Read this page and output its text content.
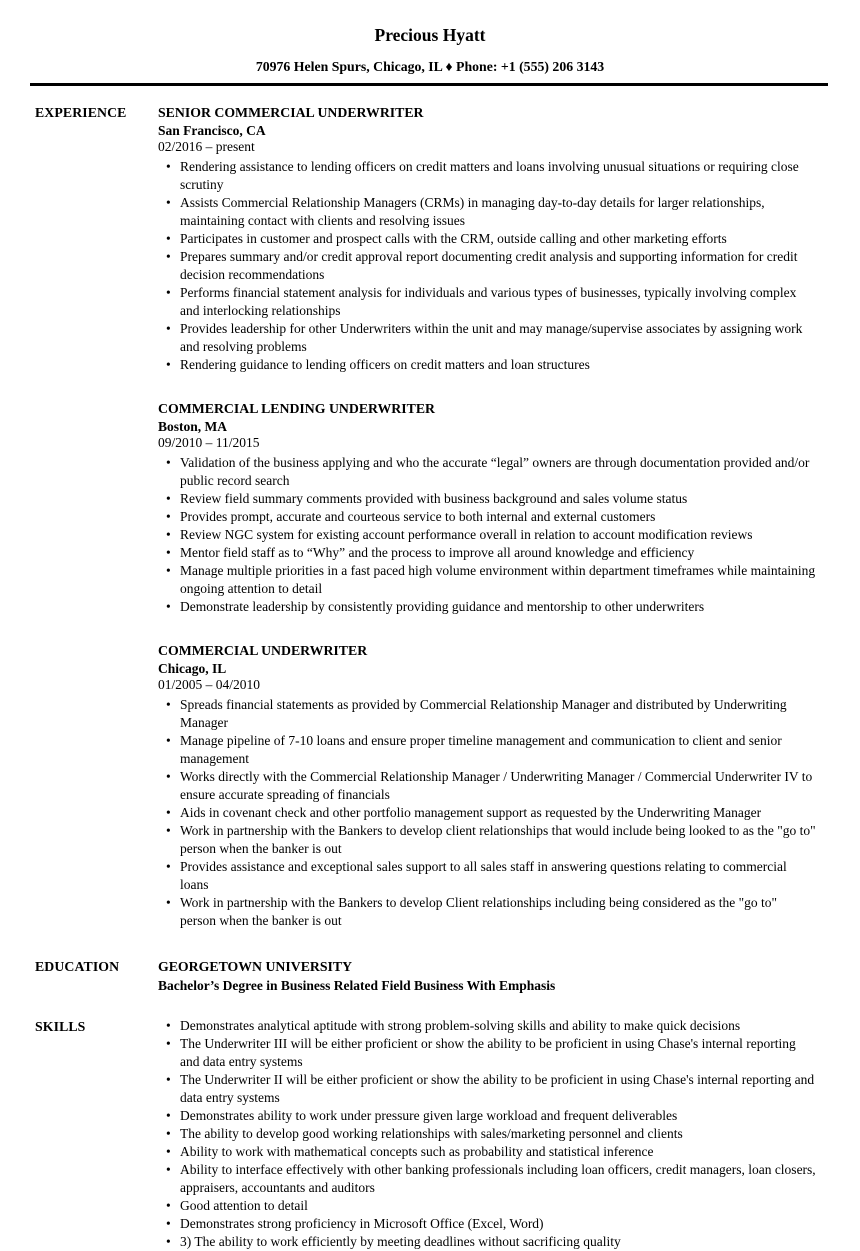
Precious Hyatt
70976 Helen Spurs, Chicago, IL ♦ Phone: +1 (555) 206 3143
EXPERIENCE	SENIOR COMMERCIAL UNDERWRITER
San Francisco, CA
02/2016 – present
• Rendering assistance to lending officers on credit matters and loans involving unusual situations or requiring close scrutiny
• Assists Commercial Relationship Managers (CRMs) in managing day-to-day details for larger relationships, maintaining contact with clients and resolving issues
• Participates in customer and prospect calls with the CRM, outside calling and other marketing efforts
• Prepares summary and/or credit approval report documenting credit analysis and supporting information for credit decision recommendations
• Performs financial statement analysis for individuals and various types of businesses, typically involving complex and interlocking relationships
• Provides leadership for other Underwriters within the unit and may manage/supervise associates by assigning work and resolving problems
• Rendering guidance to lending officers on credit matters and loan structures
COMMERCIAL LENDING UNDERWRITER
Boston, MA
09/2010 – 11/2015
• Validation of the business applying and who the accurate “legal” owners are through documentation provided and/or public record search
• Review field summary comments provided with business background and sales volume status
• Provides prompt, accurate and courteous service to both internal and external customers
• Review NGC system for existing account performance overall in relation to account modification reviews
• Mentor field staff as to “Why” and the process to improve all around knowledge and efficiency
• Manage multiple priorities in a fast paced high volume environment within department timeframes while maintaining ongoing attention to detail
• Demonstrate leadership by consistently providing guidance and mentorship to other underwriters
COMMERCIAL UNDERWRITER
Chicago, IL
01/2005 – 04/2010
• Spreads financial statements as provided by Commercial Relationship Manager and distributed by Underwriting Manager
• Manage pipeline of 7-10 loans and ensure proper timeline management and communication to client and senior management
• Works directly with the Commercial Relationship Manager / Underwriting Manager / Commercial Underwriter IV to ensure accurate spreading of financials
• Aids in covenant check and other portfolio management support as requested by the Underwriting Manager
• Work in partnership with the Bankers to develop client relationships that would include being looked to as the "go to" person when the banker is out
• Provides assistance and exceptional sales support to all sales staff in answering questions relating to commercial loans
• Work in partnership with the Bankers to develop Client relationships including being considered as the "go to" person when the banker is out
EDUCATION	GEORGETOWN UNIVERSITY
Bachelor’s Degree in Business Related Field Business With Emphasis
SKILLS	• Demonstrates analytical aptitude with strong problem-solving skills and ability to make quick decisions
• The Underwriter III will be either proficient or show the ability to be proficient in using Chase's internal reporting and data entry systems
• The Underwriter II will be either proficient or show the ability to be proficient in using Chase's internal reporting and data entry systems
• Demonstrates ability to work under pressure given large workload and frequent deliverables
• The ability to develop good working relationships with sales/marketing personnel and clients
• Ability to work with mathematical concepts such as probability and statistical inference
• Ability to interface effectively with other banking professionals including loan officers, credit managers, loan closers, appraisers, accountants and auditors
• Good attention to detail
• Demonstrates strong proficiency in Microsoft Office (Excel, Word)
• 3) The ability to work efficiently by meeting deadlines without sacrificing quality
